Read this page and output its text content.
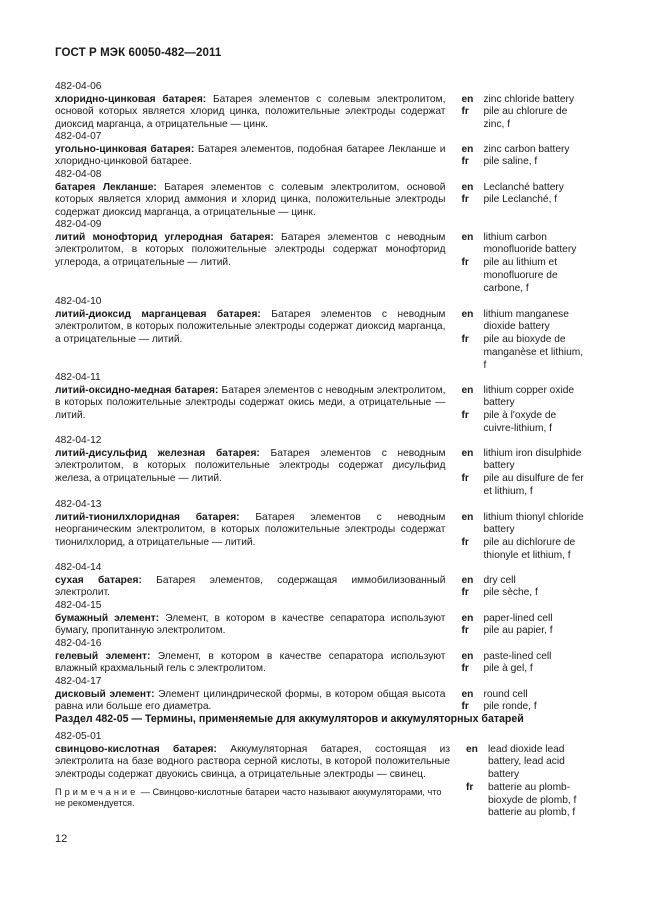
ГОСТ Р МЭК 60050-482—2011
482-04-06
хлоридно-цинковая батарея: Батарея элементов с солевым электролитом, основой которых является хлорид цинка, положительные электроды содержат диоксид марганца, а отрицательные — цинк.
en zinc chloride battery
fr	pile au chlorure de zinc, f
482-04-07
угольно-цинковая батарея: Батарея элементов, подобная батарее Лекланше и хлоридно-цинковой батарее.
en zinc carbon battery
fr	pile saline, f
482-04-08
батарея Лекланше: Батарея элементов с солевым электролитом, основой которых является хлорид аммония и хлорид цинка, положительные электроды содержат диоксид марганца, а отрицательные — цинк.
en Leclanché battery
fr	pile Leclanché, f
482-04-09
литий монофторид углеродная батарея: Батарея элементов с неводным электролитом, в которых положительные электроды содержат монофторид углерода, а отрицательные — литий.
en lithium carbon monofluoride battery
fr	pile au lithium et monofluorure de carbone, f
482-04-10
литий-диоксид марганцевая батарея: Батарея элементов с неводным электролитом, в которых положительные электроды содержат диоксид марганца, а отрицательные — литий.
en lithium manganese dioxide battery
fr	pile au bioxyde de manganèse et lithium, f
482-04-11
литий-оксидно-медная батарея: Батарея элементов с неводным электролитом, в которых положительные электроды содержат окись меди, а отрицательные — литий.
en lithium copper oxide battery
fr	pile à l'oxyde de cuivre-lithium, f
482-04-12
литий-дисульфид железная батарея: Батарея элементов с неводным электролитом, в которых положительные электроды содержат дисульфид железа, а отрицательные — литий.
en lithium iron disulphide battery
fr	pile au disulfure de fer et lithium, f
482-04-13
литий-тионилхлоридная батарея: Батарея элементов с неводным неорганическим электролитом, в которых положительные электроды содержат тионилхлорид, а отрицательные — литий.
en lithium thionyl chloride battery
fr	pile au dichlorure de thionyle et lithium, f
482-04-14
сухая батарея: Батарея элементов, содержащая иммобилизованный электролит.
en dry cell
fr	pile sèche, f
482-04-15
бумажный элемент: Элемент, в котором в качестве сепаратора используют бумагу, пропитанную электролитом.
en paper-lined cell
fr	pile au papier, f
482-04-16
гелевый элемент: Элемент, в котором в качестве сепаратора используют влажный крахмальный гель с электролитом.
en paste-lined cell
fr	pile à gel, f
482-04-17
дисковый элемент: Элемент цилиндрической формы, в котором общая высота равна или больше его диаметра.
en round cell
fr	pile ronde, f
Раздел 482-05 — Термины, применяемые для аккумуляторов и аккумуляторных батарей
482-05-01
свинцово-кислотная батарея: Аккумуляторная батарея, состоящая из электролита на базе водного раствора серной кислоты, в которой положительные электроды содержат двуокись свинца, а отрицательные электроды — свинец.
Примечание — Свинцово-кислотные батареи часто называют аккумуляторами, что не рекомендуется.
en lead dioxide lead battery, lead acid battery
fr	batterie au plomb-bioxyde de plomb, f batterie au plomb, f
12
